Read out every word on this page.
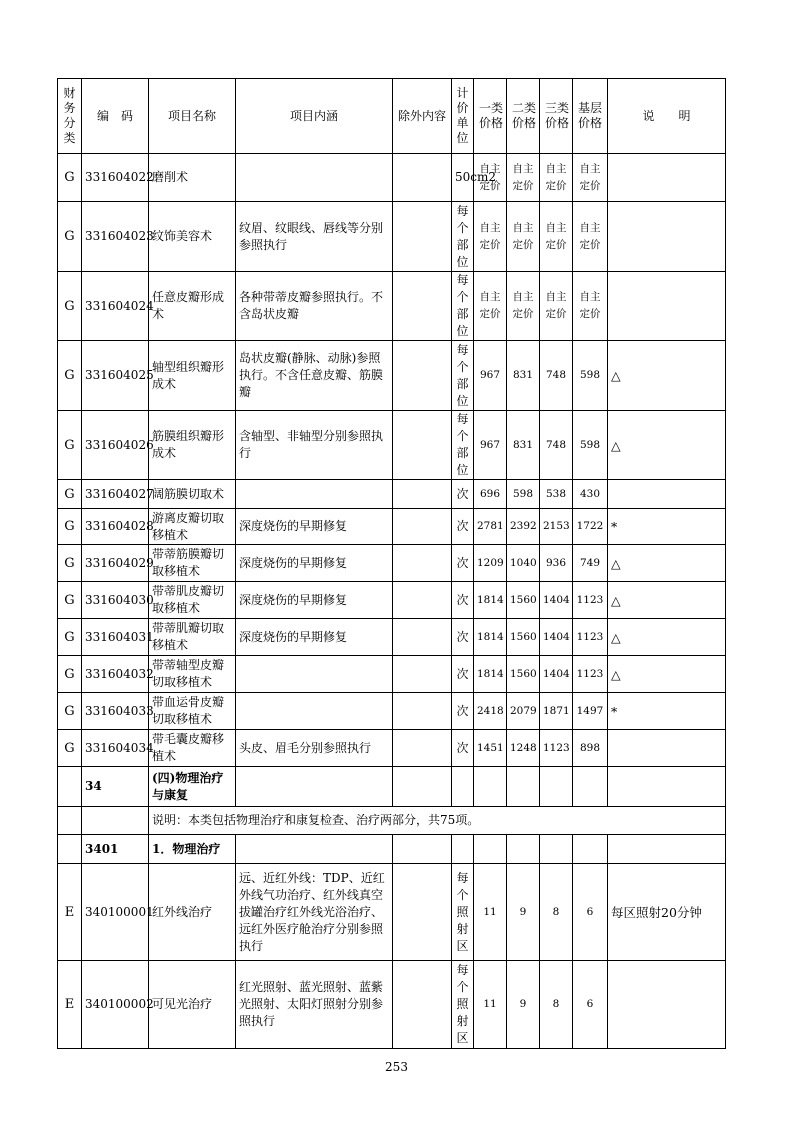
财务分类	编　码	项目名称	项目内涵	除外内容	计价单位	一类价格	二类价格	三类价格	基层价格	说　　明
G	331604022	磨削术			50cm2	自主定价	自主定价	自主定价	自主定价	
G	331604023	纹饰美容术	纹眉、纹眼线、唇线等分别参照执行		每个部位	自主定价	自主定价	自主定价	自主定价	
G	331604024	任意皮瓣形成术	各种带蒂皮瓣参照执行。不含岛状皮瓣		每个部位	自主定价	自主定价	自主定价	自主定价	
G	331604025	轴型组织瓣形成术	岛状皮瓣(静脉、动脉)参照执行。不含任意皮瓣、筋膜瓣		每个部位	967	831	748	598	△
G	331604026	筋膜组织瓣形成术	含轴型、非轴型分别参照执行		每个部位	967	831	748	598	△
G	331604027	阔筋膜切取术			次	696	598	538	430	
G	331604028	游离皮瓣切取移植术	深度烧伤的早期修复		次	2781	2392	2153	1722	*
G	331604029	带蒂筋膜瓣切取移植术	深度烧伤的早期修复		次	1209	1040	936	749	△
G	331604030	带蒂肌皮瓣切取移植术	深度烧伤的早期修复		次	1814	1560	1404	1123	△
G	331604031	带蒂肌瓣切取移植术	深度烧伤的早期修复		次	1814	1560	1404	1123	△
G	331604032	带蒂轴型皮瓣切取移植术			次	1814	1560	1404	1123	△
G	331604033	带血运骨皮瓣切取移植术			次	2418	2079	1871	1497	*
G	331604034	带毛囊皮瓣移植术	头皮、眉毛分别参照执行		次	1451	1248	1123	898	
	34	(四)物理治疗与康复								
		说明：本类包括物理治疗和康复检查、治疗两部分，共75项。								
	3401	1．物理治疗								
E	340100001	红外线治疗	远、近红外线：TDP、近红外线气功治疗、红外线真空拔罐治疗红外线光浴治疗、远红外医疗舱治疗分别参照执行		每个照射区	11	9	8	6	每区照射20分钟
E	340100002	可见光治疗	红光照射、蓝光照射、蓝紫光照射、太阳灯照射分别参照执行		每个照射区	11	9	8	6	
253
